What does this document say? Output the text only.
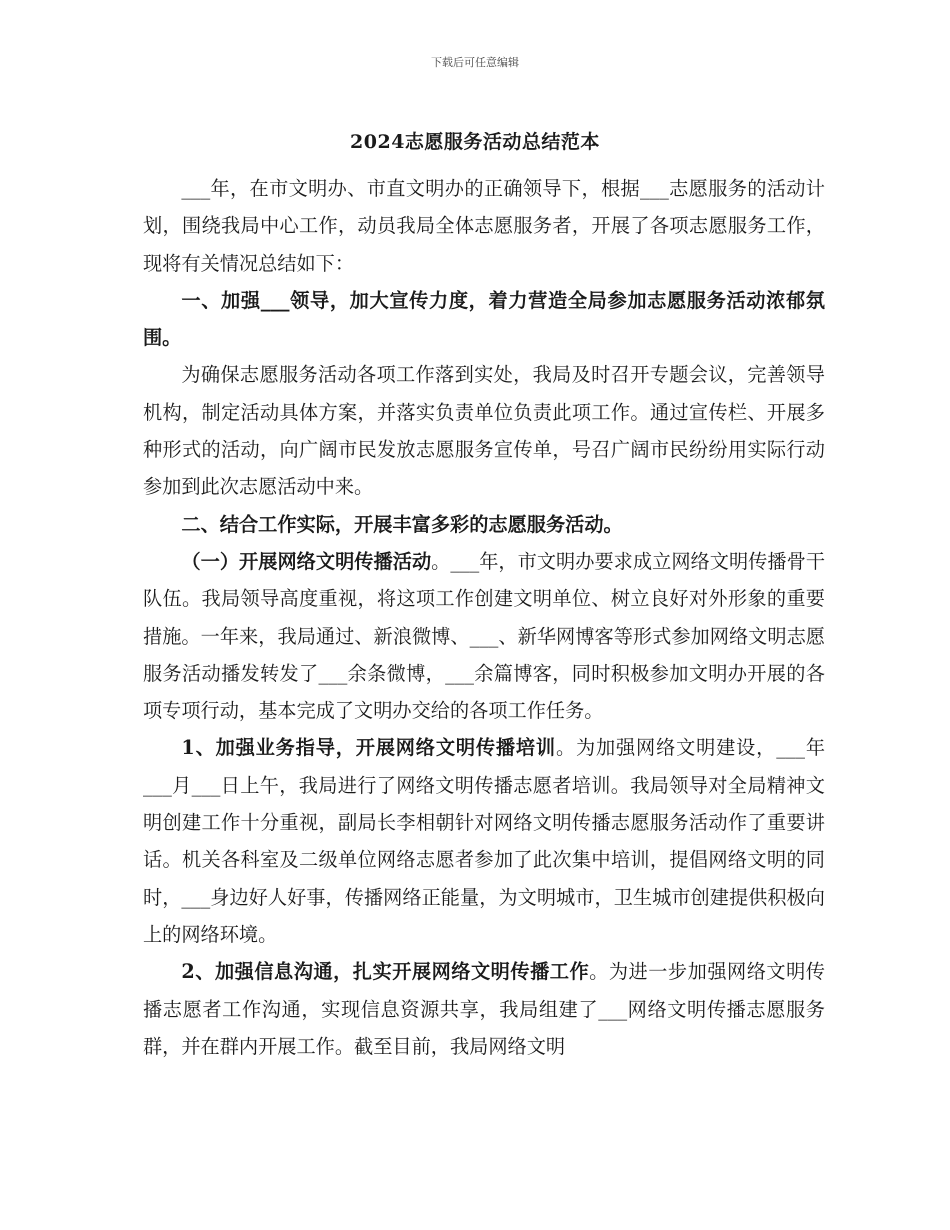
下载后可任意编辑
2024志愿服务活动总结范本

___年，在市文明办、市直文明办的正确领导下，根据___志愿服务的活动计划，围绕我局中心工作，动员我局全体志愿服务者，开展了各项志愿服务工作，现将有关情况总结如下：

一、加强___领导，加大宣传力度，着力营造全局参加志愿服务活动浓郁氛围。

为确保志愿服务活动各项工作落到实处，我局及时召开专题会议，完善领导机构，制定活动具体方案，并落实负责单位负责此项工作。通过宣传栏、开展多种形式的活动，向广阔市民发放志愿服务宣传单，号召广阔市民纷纷用实际行动参加到此次志愿活动中来。

二、结合工作实际，开展丰富多彩的志愿服务活动。

（一）开展网络文明传播活动。___年，市文明办要求成立网络文明传播骨干队伍。我局领导高度重视，将这项工作创建文明单位、树立良好对外形象的重要措施。一年来，我局通过、新浪微博、___、新华网博客等形式参加网络文明志愿服务活动播发转发了___余条微博，___余篇博客，同时积极参加文明办开展的各项专项行动，基本完成了文明办交给的各项工作任务。

1、加强业务指导，开展网络文明传播培训。为加强网络文明建设，___年___月___日上午，我局进行了网络文明传播志愿者培训。我局领导对全局精神文明创建工作十分重视，副局长李相朝针对网络文明传播志愿服务活动作了重要讲话。机关各科室及二级单位网络志愿者参加了此次集中培训，提倡网络文明的同时，___身边好人好事，传播网络正能量，为文明城市，卫生城市创建提供积极向上的网络环境。

2、加强信息沟通，扎实开展网络文明传播工作。为进一步加强网络文明传播志愿者工作沟通，实现信息资源共享，我局组建了___网络文明传播志愿服务群，并在群内开展工作。截至目前，我局网络文明
